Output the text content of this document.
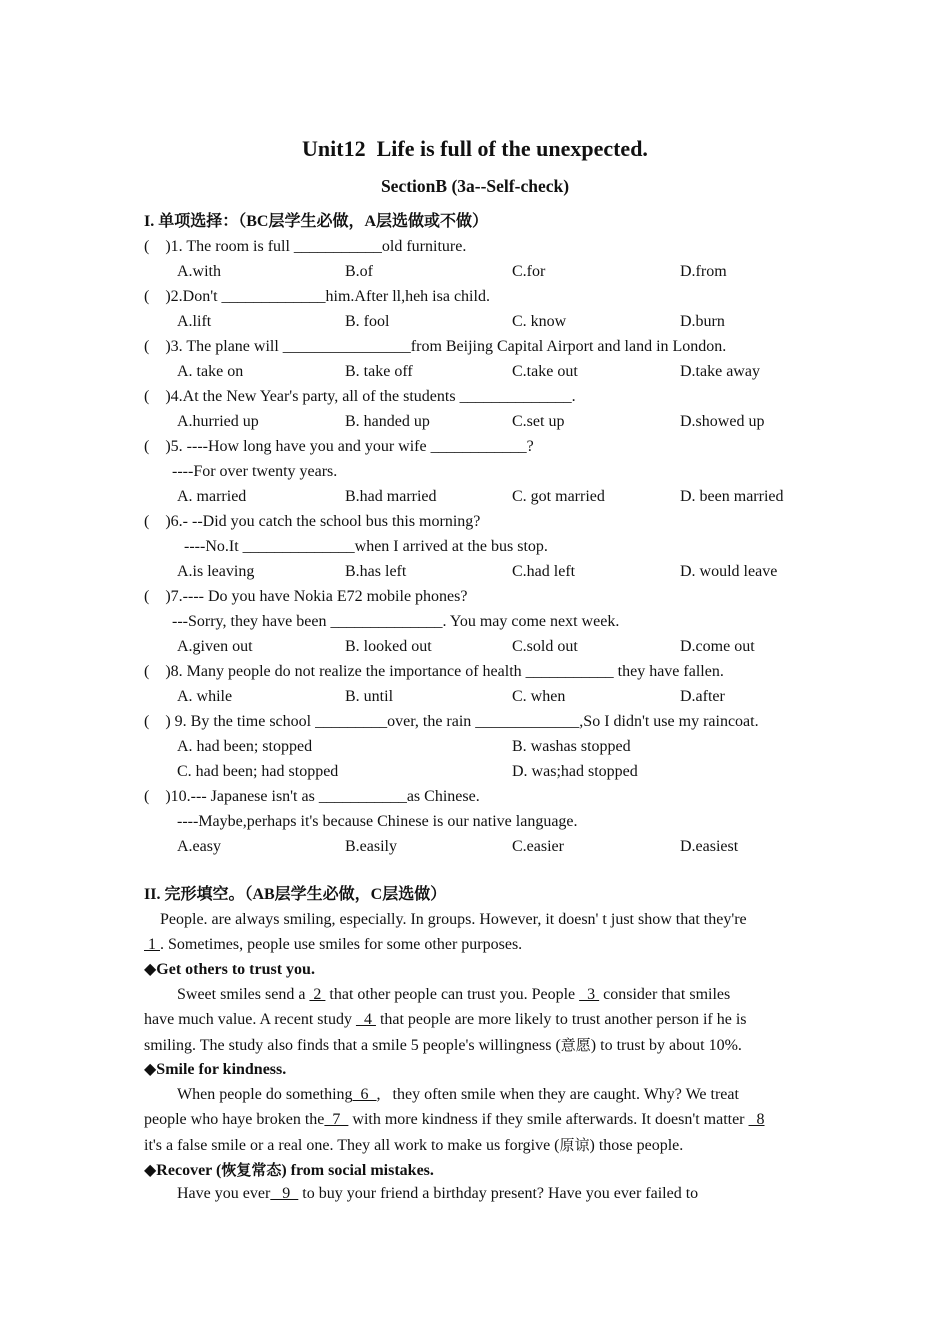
Unit12  Life is full of the unexpected.
SectionB (3a--Self-check)
I. 单项选择：（BC层学生必做，A层选做或不做）
(    )1. The room is full ___________old furniture.
A.with	B.of	C.for	D.from
(    )2.Don't _____________him.After ll,heh isa child.
A.lift	B. fool	C. know	D.burn
(    )3. The plane will ________________from Beijing Capital Airport and land in London.
A. take on	B. take off	C.take out	D.take away
(    )4.At the New Year's party, all of the students ______________.
A.hurried up	B. handed up	C.set up	D.showed up
(    )5. ----How long have you and your wife ____________?
----For over twenty years.
A. married	B.had married	C. got married	D. been married
(    )6.- --Did you catch the school bus this morning?
----No.It ______________when I arrived at the bus stop.
A.is leaving	B.has left	C.had left	D. would leave
(    )7.---- Do you have Nokia E72 mobile phones?
---Sorry, they have been ______________. You may come next week.
A.given out	B. looked out	C.sold out	D.come out
(    )8. Many people do not realize the importance of health ___________ they have fallen.
A. while	B. until	C. when	D.after
(    ) 9. By the time school _________over, the rain _____________,So I didn't use my raincoat.
A. had been; stopped	B. washas stopped
C. had been; had stopped	D. was;had stopped
(    )10.--- Japanese isn't as ___________as Chinese.
----Maybe,perhaps it's because Chinese is our native language.
A.easy	B.easily	C.easier	D.easiest
II. 完形填空。（AB层学生必做，C层选做）
People. are always smiling, especially. In groups. However, it doesn' t just show that they're
1 . Sometimes, people use smiles for some other purposes.
◆Get others to trust you.
Sweet smiles send a  2  that other people can trust you. People   3  consider that smiles
have much value. A recent study   4  that people are more likely to trust another person if he is
smiling. The study also finds that a smile 5 people's willingness (意愿) to trust by about 10%.
◆Smile for kindness.
When people do something  6  ,   they often smile when they are caught. Why? We treat
people who haye broken the  7   with more kindness if they smile afterwards. It doesn't matter   8
it's a false smile or a real one. They all work to make us forgive (原谅) those people.
◆Recover (恢复常态) from social mistakes.
Have you ever   9   to buy your friend a birthday present? Have you ever failed to
